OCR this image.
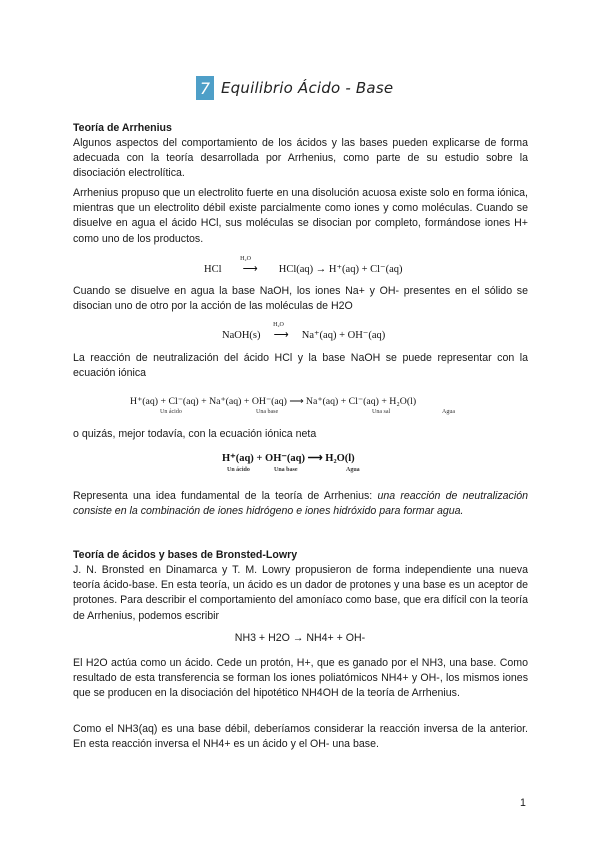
7 Equilibrio Ácido - Base
Teoría de Arrhenius
Algunos aspectos del comportamiento de los ácidos y las bases pueden explicarse de forma adecuada con la teoría desarrollada por Arrhenius, como parte de su estudio sobre la disociación electrolítica.
Arrhenius propuso que un electrolito fuerte en una disolución acuosa existe solo en forma iónica, mientras que un electrolito débil existe parcialmente como iones y como moléculas. Cuando se disuelve en agua el ácido HCl, sus moléculas se disocian por completo, formándose iones H+ como uno de los productos.
HCl
H₂O
⟶ HCl(aq) → H⁺(aq) + Cl⁻(aq)
Cuando se disuelve en agua la base NaOH, los iones Na+ y OH- presentes en el sólido se disocian uno de otro por la acción de las moléculas de H2O
NaOH(s)
H₂O
⟶ Na⁺(aq) + OH⁻(aq)
La reacción de neutralización del ácido HCl y la base NaOH se puede representar con la ecuación iónica
H⁺(aq) + Cl⁻(aq) + Na⁺(aq) + OH⁻(aq) ⟶ Na⁺(aq) + Cl⁻(aq) + H₂O(l)
Un ácido	Una base	Una sal	Agua
o quizás, mejor todavía, con la ecuación iónica neta
H⁺(aq) + OH⁻(aq) ⟶ H₂O(l)
Un ácido	Una base	Agua
Representa una idea fundamental de la teoría de Arrhenius: una reacción de neutralización consiste en la combinación de iones hidrógeno e iones hidróxido para formar agua.
Teoría de ácidos y bases de Bronsted-Lowry
J. N. Bronsted en Dinamarca y T. M. Lowry propusieron de forma independiente una nueva teoría ácido-base. En esta teoría, un ácido es un dador de protones y una base es un aceptor de protones. Para describir el comportamiento del amoníaco como base, que era difícil con la teoría de Arrhenius, podemos escribir
NH3 + H2O → NH4+ + OH-
El H2O actúa como un ácido. Cede un protón, H+, que es ganado por el NH3, una base. Como resultado de esta transferencia se forman los iones poliatómicos NH4+ y OH-, los mismos iones que se producen en la disociación del hipotético NH4OH de la teoría de Arrhenius.
Como el NH3(aq) es una base débil, deberíamos considerar la reacción inversa de la anterior. En esta reacción inversa el NH4+ es un ácido y el OH- una base.
1
